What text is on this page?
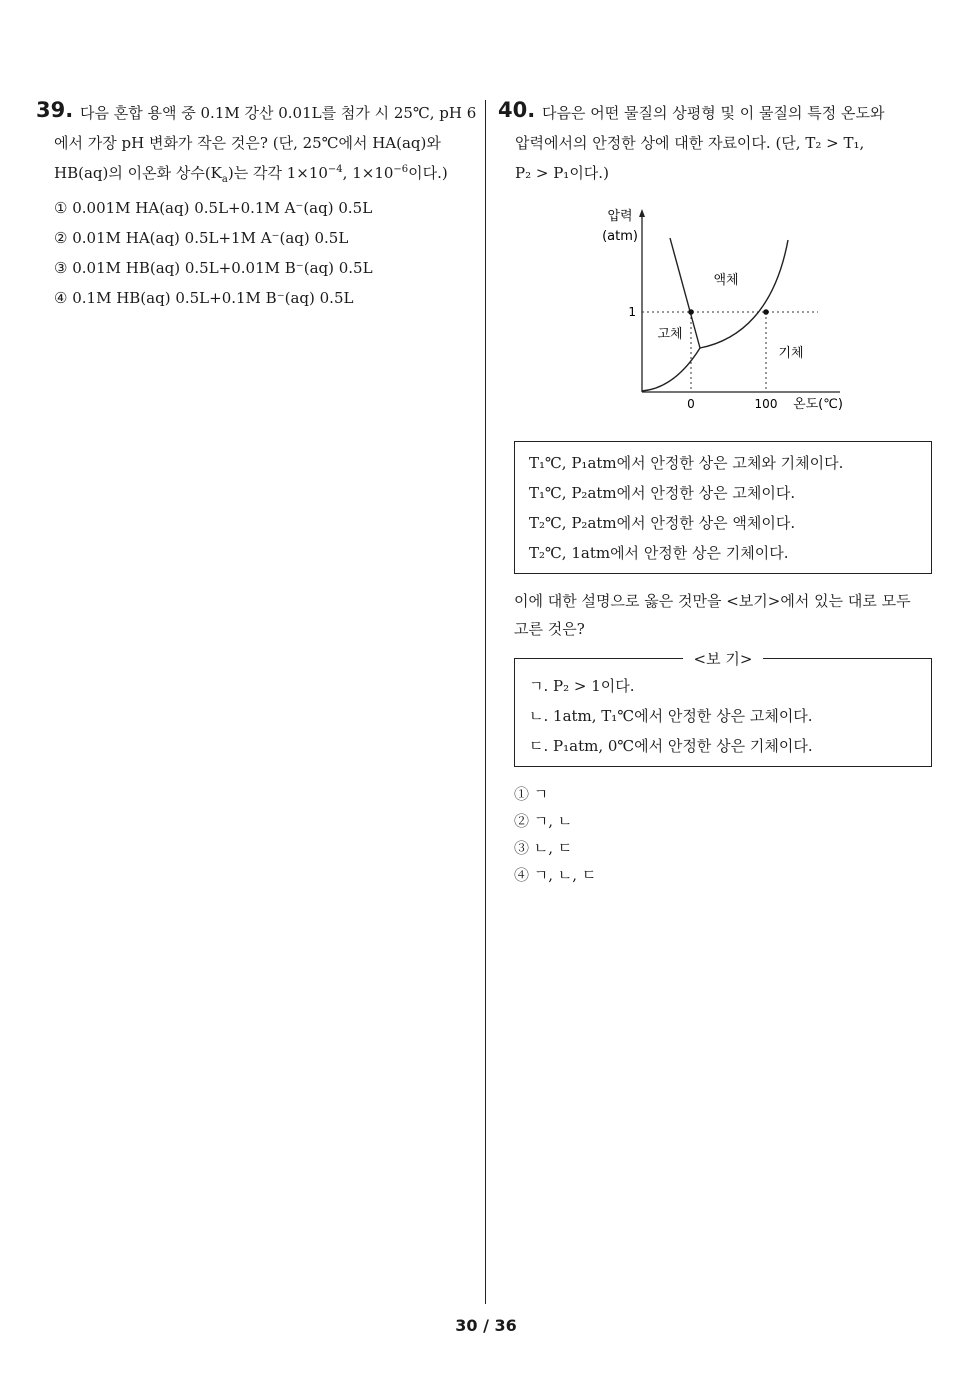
39. 다음 혼합 용액 중 0.1M 강산 0.01L를 첨가 시 25℃, pH 6
에서 가장 pH 변화가 작은 것은? (단, 25℃에서 HA(aq)와
HB(aq)의 이온화 상수$(K_a)$는 각각 $1\times 10^{-4}$, $1\times 10^{-6}$이다.)
① 0.001M HA(aq) 0.5L+0.1M A⁻(aq) 0.5L
② 0.01M HA(aq) 0.5L+1M A⁻(aq) 0.5L
③ 0.01M HB(aq) 0.5L+0.01M B⁻(aq) 0.5L
④ 0.1M HB(aq) 0.5L+0.1M B⁻(aq) 0.5L
40. 다음은 어떤 물질의 상평형 및 이 물질의 특정 온도와
압력에서의 안정한 상에 대한 자료이다. (단, T₂ > T₁,
P₂ > P₁이다.)
압력
(atm)
1
0	100 온도(℃)
액체
고체
기체
T₁℃, P₁atm에서 안정한 상은 고체와 기체이다.
T₁℃, P₂atm에서 안정한 상은 고체이다.
T₂℃, P₂atm에서 안정한 상은 액체이다.
T₂℃, 1atm에서 안정한 상은 기체이다.
이에 대한 설명으로 옳은 것만을 <보기>에서 있는 대로 모두
고른 것은?
ㄱ. P₂ > 1이다.
ㄴ. 1atm, T₁℃에서 안정한 상은 고체이다.
ㄷ. P₁atm, 0℃에서 안정한 상은 기체이다.
<보 기>
① ㄱ
② ㄱ, ㄴ
③ ㄴ, ㄷ
④ ㄱ, ㄴ, ㄷ
30 / 36
